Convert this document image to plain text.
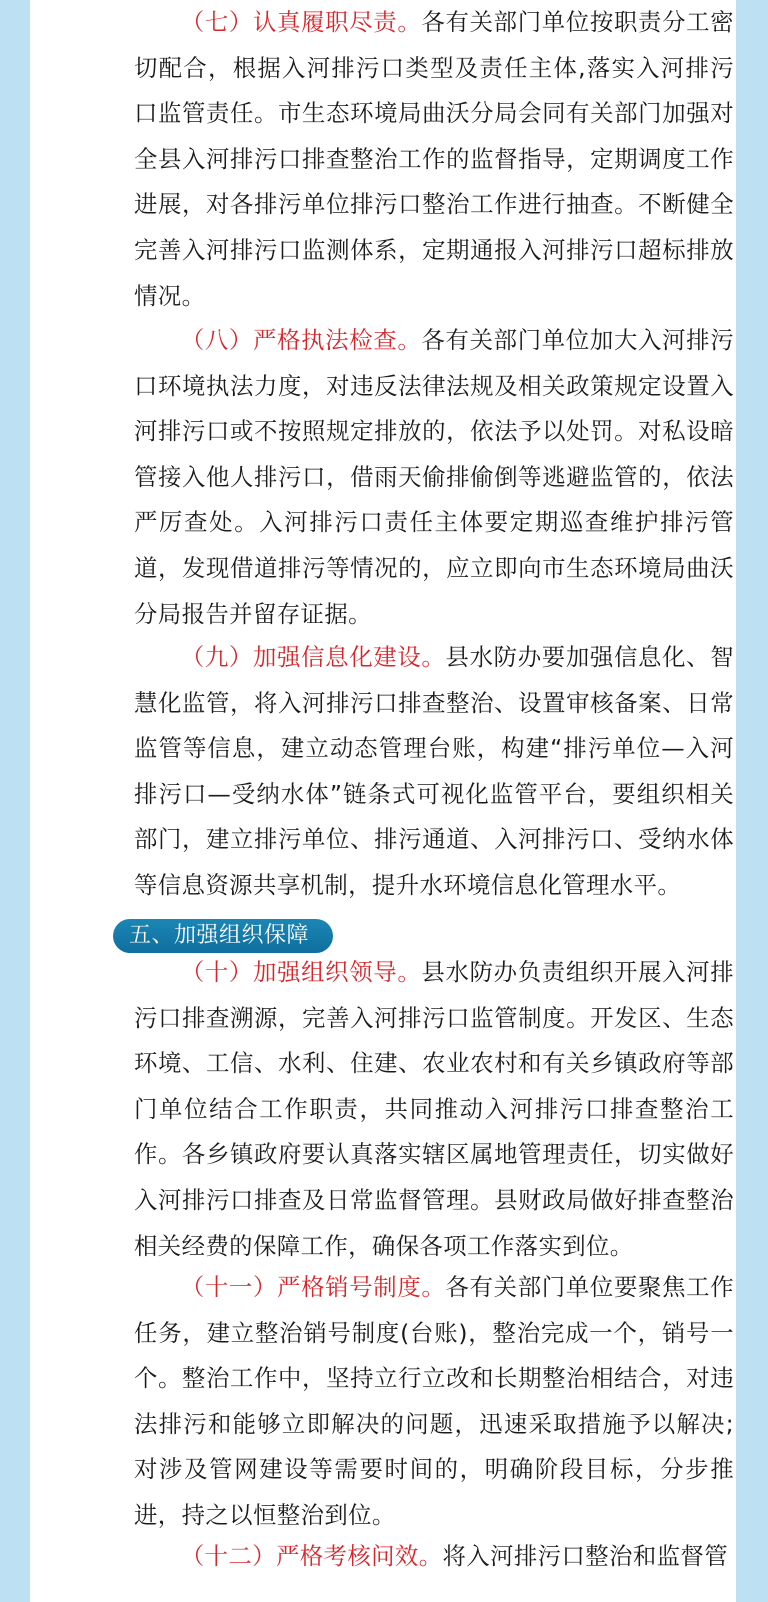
（七）认真履职尽责。各有关部门单位按职责分工密切配合，根据入河排污口类型及责任主体,落实入河排污口监管责任。市生态环境局曲沃分局会同有关部门加强对全县入河排污口排查整治工作的监督指导，定期调度工作进展，对各排污单位排污口整治工作进行抽查。不断健全完善入河排污口监测体系，定期通报入河排污口超标排放情况。

（八）严格执法检查。各有关部门单位加大入河排污口环境执法力度，对违反法律法规及相关政策规定设置入河排污口或不按照规定排放的，依法予以处罚。对私设暗管接入他人排污口，借雨天偷排偷倒等逃避监管的，依法严厉查处。入河排污口责任主体要定期巡查维护排污管道，发现借道排污等情况的，应立即向市生态环境局曲沃分局报告并留存证据。

（九）加强信息化建设。县水防办要加强信息化、智慧化监管，将入河排污口排查整治、设置审核备案、日常监管等信息，建立动态管理台账，构建“排污单位—入河排污口—受纳水体”链条式可视化监管平台，要组织相关部门，建立排污单位、排污通道、入河排污口、受纳水体等信息资源共享机制，提升水环境信息化管理水平。

（十）加强组织领导。县水防办负责组织开展入河排污口排查溯源，完善入河排污口监管制度。开发区、生态环境、工信、水利、住建、农业农村和有关乡镇政府等部门单位结合工作职责，共同推动入河排污口排查整治工作。各乡镇政府要认真落实辖区属地管理责任，切实做好入河排污口排查及日常监督管理。县财政局做好排查整治相关经费的保障工作，确保各项工作落实到位。

（十一）严格销号制度。各有关部门单位要聚焦工作任务，建立整治销号制度(台账)，整治完成一个，销号一个。整治工作中，坚持立行立改和长期整治相结合，对违法排污和能够立即解决的问题，迅速采取措施予以解决;对涉及管网建设等需要时间的，明确阶段目标，分步推进，持之以恒整治到位。

（十二）严格考核问效。将入河排污口整治和监督管

五、加强组织保障
